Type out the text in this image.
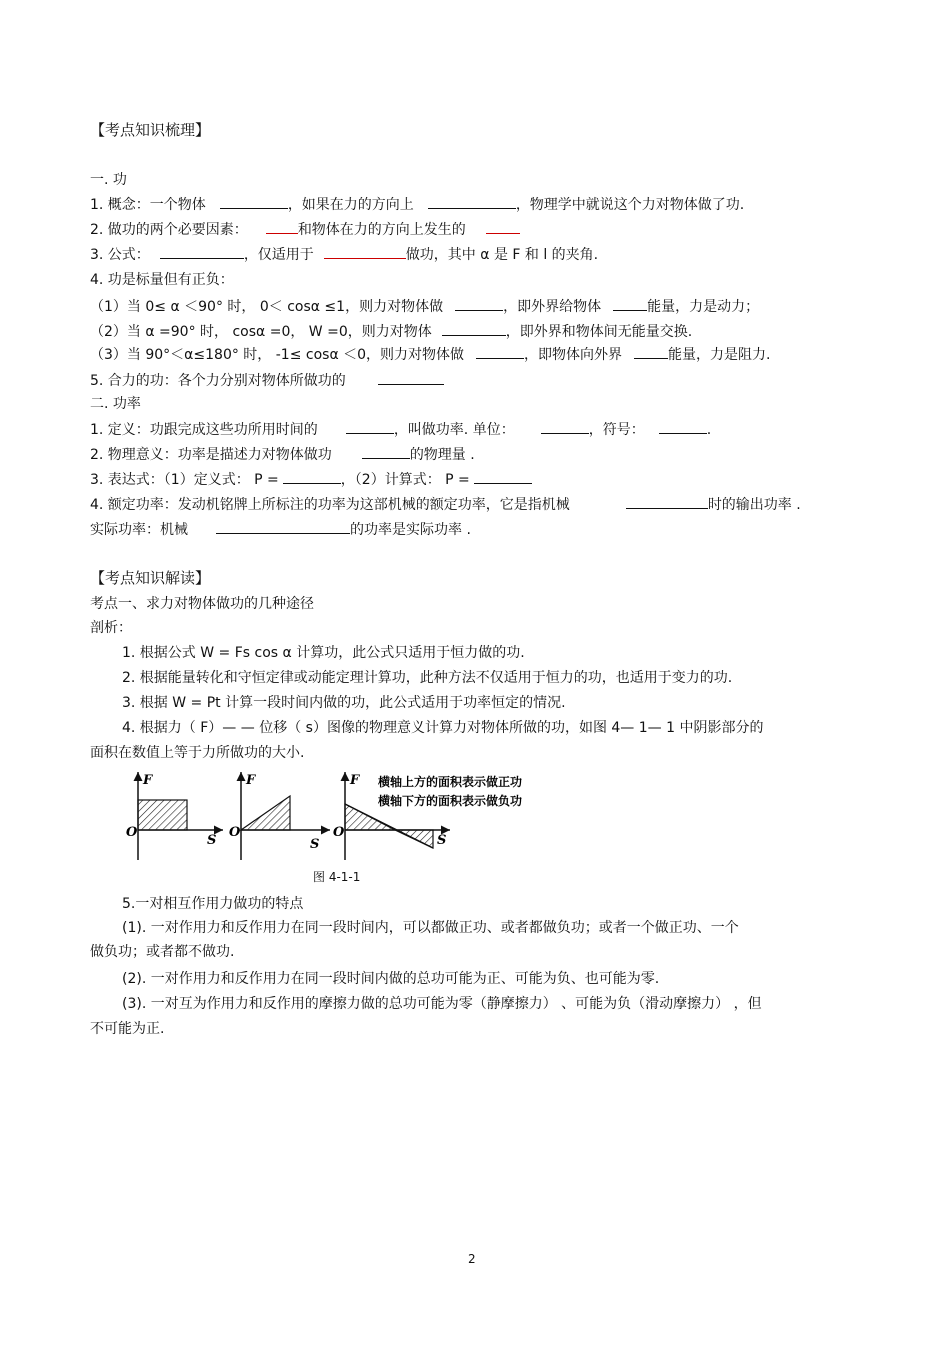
【考点知识梳理】
一. 功
1. 概念：一个物体	，如果在力的方向上	，物理学中就说这个力对物体做了功.
2. 做功的两个必要因素：	和物体在力的方向上发生的
3. 公式：	，仅适用于	做功，其中 α 是 F 和 l 的夹角.
4. 功是标量但有正负：
（1）当 0≤ α ＜90° 时， 0＜ cosα ≤1，则力对物体做	，即外界给物体	能量，力是动力；
（2）当 α =90° 时， cosα =0， W =0，则力对物体	，即外界和物体间无能量交换.
（3）当 90°＜α≤180° 时， -1≤ cosα ＜0，则力对物体做	，即物体向外界	能量，力是阻力.
5. 合力的功：各个力分别对物体所做功的
二. 功率
1. 定义：功跟完成这些功所用时间的	，叫做功率. 单位：	，符号：	.
2. 物理意义：功率是描述力对物体做功	的物理量 .
3. 表达式：（1）定义式： P =	，（2）计算式： P =
4. 额定功率：发动机铭牌上所标注的功率为这部机械的额定功率，它是指机械	时的输出功率 .
实际功率：机械	的功率是实际功率 .
【考点知识解读】
考点一、求力对物体做功的几种途径
剖析：
1. 根据公式 W = Fs cos α 计算功，此公式只适用于恒力做的功.
2. 根据能量转化和守恒定律或动能定理计算功，此种方法不仅适用于恒力的功，也适用于变力的功.
3. 根据 W = Pt 计算一段时间内做的功，此公式适用于功率恒定的情况.
4. 根据力（ F）— — 位移（ s）图像的物理意义计算力对物体所做的功，如图 4— 1— 1 中阴影部分的
面积在数值上等于力所做功的大小.
F
O
S
F
O
S
F
O
S
横轴上方的面积表示做正功
横轴下方的面积表示做负功
图 4-1-1
5.一对相互作用力做功的特点
(1). 一对作用力和反作用力在同一段时间内，可以都做正功、或者都做负功；或者一个做正功、一个
做负功；或者都不做功.
(2). 一对作用力和反作用力在同一段时间内做的总功可能为正、可能为负、也可能为零.
(3). 一对互为作用力和反作用的摩擦力做的总功可能为零（静摩擦力） 、可能为负（滑动摩擦力） ，但
不可能为正.
2
